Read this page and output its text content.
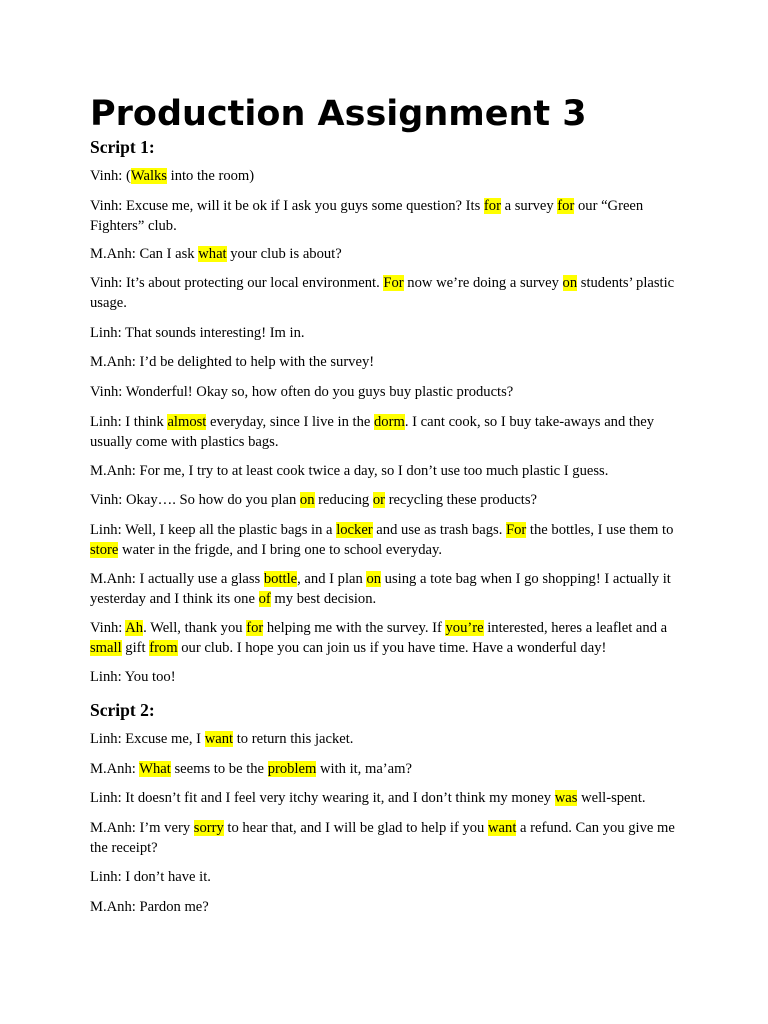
Production Assignment 3
Script 1:

Vinh: (Walks into the room)

Vinh: Excuse me, will it be ok if I ask you guys some question? Its for a survey for our “Green Fighters” club.

M.Anh: Can I ask what your club is about?

Vinh: It’s about protecting our local environment. For now we’re doing a survey on students’ plastic usage.

Linh: That sounds interesting! Im in.

M.Anh: I’d be delighted to help with the survey!

Vinh: Wonderful! Okay so, how often do you guys buy plastic products?

Linh: I think almost everyday, since I live in the dorm. I cant cook, so I buy take-aways and they usually come with plastics bags.

M.Anh: For me, I try to at least cook twice a day, so I don’t use too much plastic I guess.

Vinh: Okay…. So how do you plan on reducing or recycling these products?

Linh: Well, I keep all the plastic bags in a locker and use as trash bags. For the bottles, I use them to store water in the frigde, and I bring one to school everyday.

M.Anh: I actually use a glass bottle, and I plan on using a tote bag when I go shopping! I actually it yesterday and I think its one of my best decision.

Vinh: Ah. Well, thank you for helping me with the survey. If you’re interested, heres a leaflet and a small gift from our club. I hope you can join us if you have time. Have a wonderful day!

Linh: You too!

Script 2:

Linh: Excuse me, I want to return this jacket.

M.Anh: What seems to be the problem with it, ma’am?

Linh: It doesn’t fit and I feel very itchy wearing it, and I don’t think my money was well-spent.

M.Anh: I’m very sorry to hear that, and I will be glad to help if you want a refund. Can you give me the receipt?

Linh: I don’t have it.

M.Anh: Pardon me?
